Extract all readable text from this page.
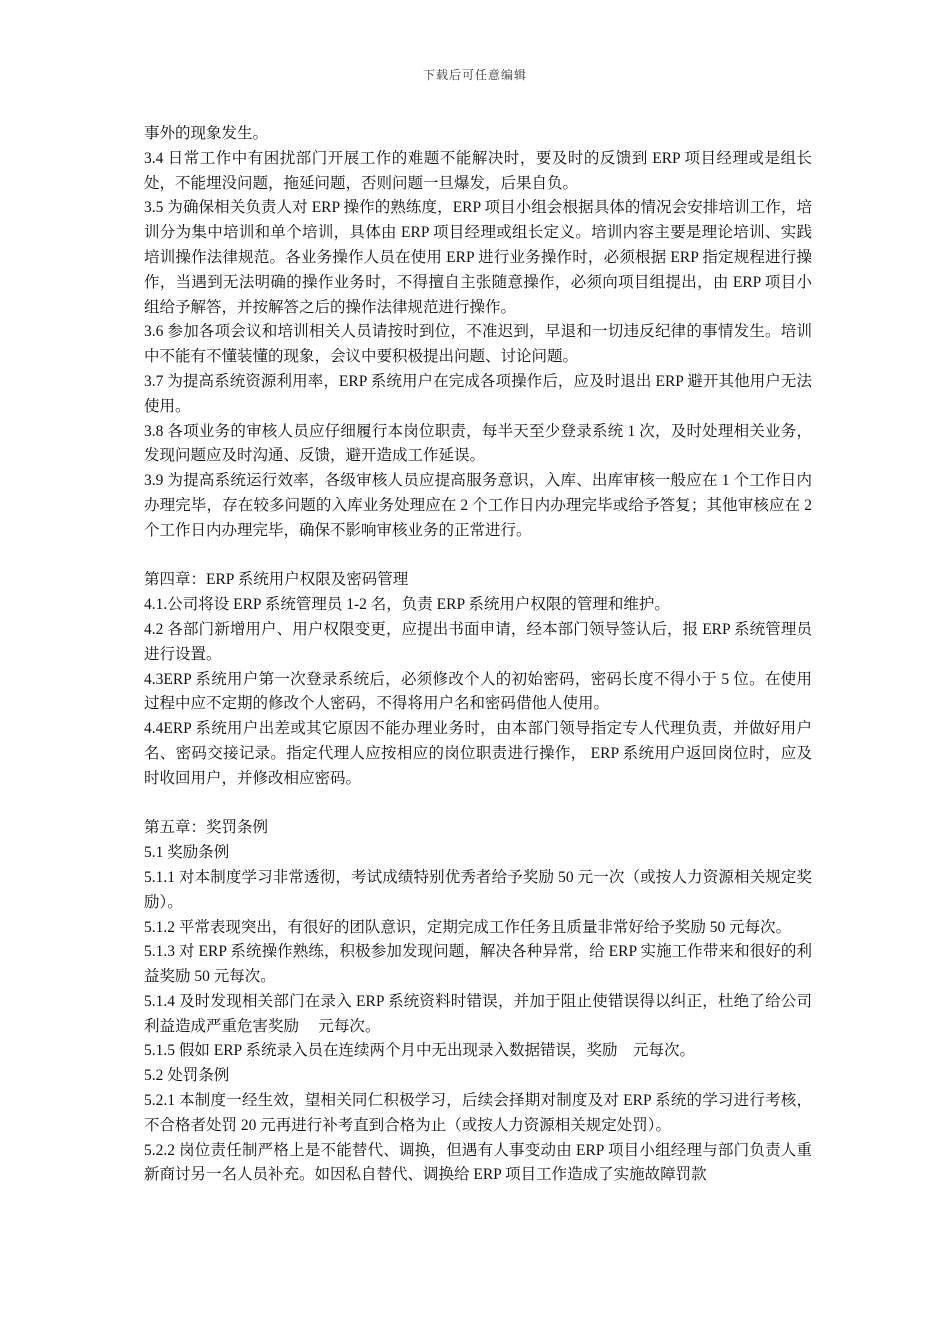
下载后可任意编辑

事外的现象发生。

3.4 日常工作中有困扰部门开展工作的难题不能解决时，要及时的反馈到 ERP 项目经理或是组长处，不能埋没问题，拖延问题，否则问题一旦爆发，后果自负。

3.5 为确保相关负责人对 ERP 操作的熟练度，ERP 项目小组会根据具体的情况会安排培训工作，培训分为集中培训和单个培训，具体由 ERP 项目经理或组长定义。培训内容主要是理论培训、实践培训操作法律规范。各业务操作人员在使用 ERP 进行业务操作时，必须根据 ERP 指定规程进行操作，当遇到无法明确的操作业务时，不得擅自主张随意操作，必须向项目组提出，由 ERP 项目小组给予解答，并按解答之后的操作法律规范进行操作。

3.6 参加各项会议和培训相关人员请按时到位，不准迟到，早退和一切违反纪律的事情发生。培训中不能有不懂装懂的现象，会议中要积极提出问题、讨论问题。

3.7 为提高系统资源利用率，ERP 系统用户在完成各项操作后，应及时退出 ERP 避开其他用户无法使用。

3.8 各项业务的审核人员应仔细履行本岗位职责，每半天至少登录系统 1 次，及时处理相关业务，发现问题应及时沟通、反馈，避开造成工作延误。

3.9 为提高系统运行效率，各级审核人员应提高服务意识，入库、出库审核一般应在 1 个工作日内办理完毕，存在较多问题的入库业务处理应在 2 个工作日内办理完毕或给予答复；其他审核应在 2 个工作日内办理完毕，确保不影响审核业务的正常进行。

第四章：ERP 系统用户权限及密码管理

4.1.公司将设 ERP 系统管理员 1-2 名，负责 ERP 系统用户权限的管理和维护。

4.2 各部门新增用户、用户权限变更，应提出书面申请，经本部门领导签认后，报 ERP 系统管理员进行设置。

4.3ERP 系统用户第一次登录系统后，必须修改个人的初始密码，密码长度不得小于 5 位。在使用过程中应不定期的修改个人密码，不得将用户名和密码借他人使用。

4.4ERP 系统用户出差或其它原因不能办理业务时，由本部门领导指定专人代理负责，并做好用户名、密码交接记录。指定代理人应按相应的岗位职责进行操作， ERP 系统用户返回岗位时，应及时收回用户，并修改相应密码。

第五章：奖罚条例

5.1 奖励条例

5.1.1 对本制度学习非常透彻，考试成绩特别优秀者给予奖励 50 元一次（或按人力资源相关规定奖励）。

5.1.2 平常表现突出，有很好的团队意识，定期完成工作任务且质量非常好给予奖励 50 元每次。

5.1.3 对 ERP 系统操作熟练，积极参加发现问题，解决各种异常，给 ERP 实施工作带来和很好的利益奖励 50 元每次。

5.1.4 及时发现相关部门在录入 ERP 系统资料时错误，并加于阻止使错误得以纠正，杜绝了给公司利益造成严重危害奖励　 元每次。

5.1.5 假如 ERP 系统录入员在连续两个月中无出现录入数据错误，奖励　元每次。

5.2 处罚条例

5.2.1 本制度一经生效，望相关同仁积极学习，后续会择期对制度及对 ERP 系统的学习进行考核，不合格者处罚 20 元再进行补考直到合格为止（或按人力资源相关规定处罚）。

5.2.2 岗位责任制严格上是不能替代、调换，但遇有人事变动由 ERP 项目小组经理与部门负责人重新商讨另一名人员补充。如因私自替代、调换给 ERP 项目工作造成了实施故障罚款
